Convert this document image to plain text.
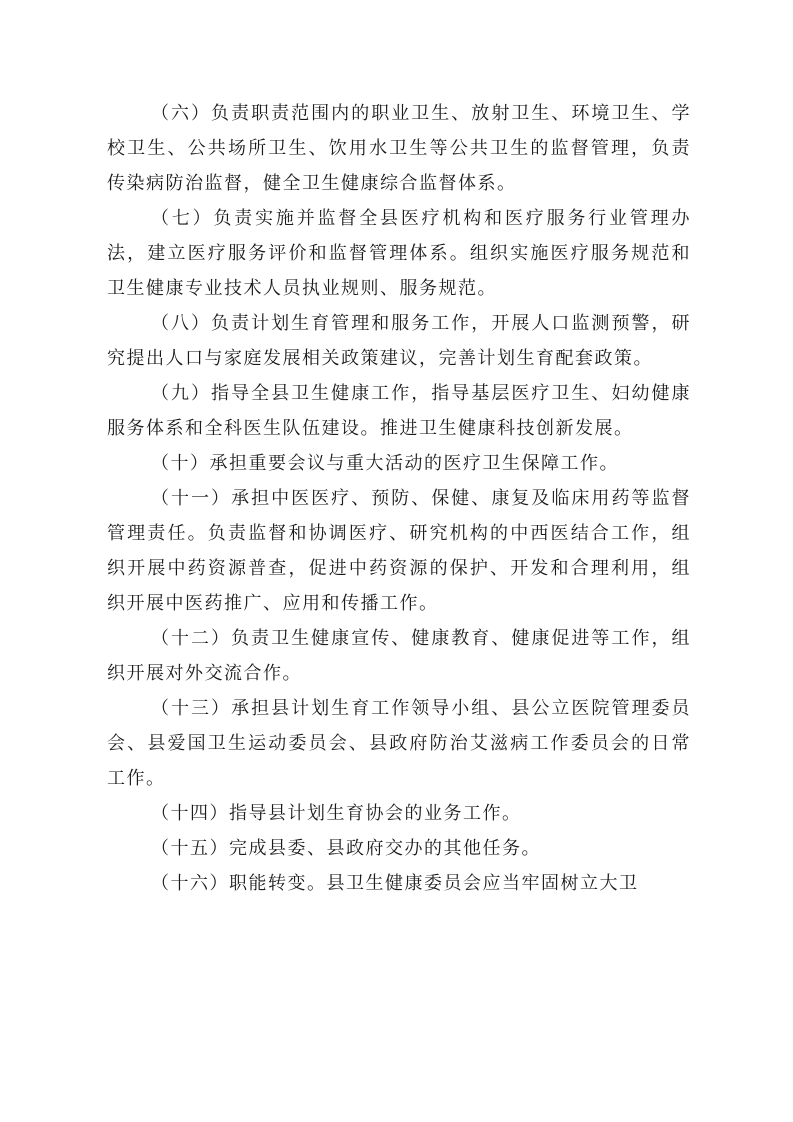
（六）负责职责范围内的职业卫生、放射卫生、环境卫生、学校卫生、公共场所卫生、饮用水卫生等公共卫生的监督管理，负责传染病防治监督，健全卫生健康综合监督体系。

（七）负责实施并监督全县医疗机构和医疗服务行业管理办法，建立医疗服务评价和监督管理体系。组织实施医疗服务规范和卫生健康专业技术人员执业规则、服务规范。

（八）负责计划生育管理和服务工作，开展人口监测预警，研究提出人口与家庭发展相关政策建议，完善计划生育配套政策。

（九）指导全县卫生健康工作，指导基层医疗卫生、妇幼健康服务体系和全科医生队伍建设。推进卫生健康科技创新发展。

（十）承担重要会议与重大活动的医疗卫生保障工作。

（十一）承担中医医疗、预防、保健、康复及临床用药等监督管理责任。负责监督和协调医疗、研究机构的中西医结合工作，组织开展中药资源普查，促进中药资源的保护、开发和合理利用，组织开展中医药推广、应用和传播工作。

（十二）负责卫生健康宣传、健康教育、健康促进等工作，组织开展对外交流合作。

（十三）承担县计划生育工作领导小组、县公立医院管理委员会、县爱国卫生运动委员会、县政府防治艾滋病工作委员会的日常工作。

（十四）指导县计划生育协会的业务工作。

（十五）完成县委、县政府交办的其他任务。

（十六）职能转变。县卫生健康委员会应当牢固树立大卫
